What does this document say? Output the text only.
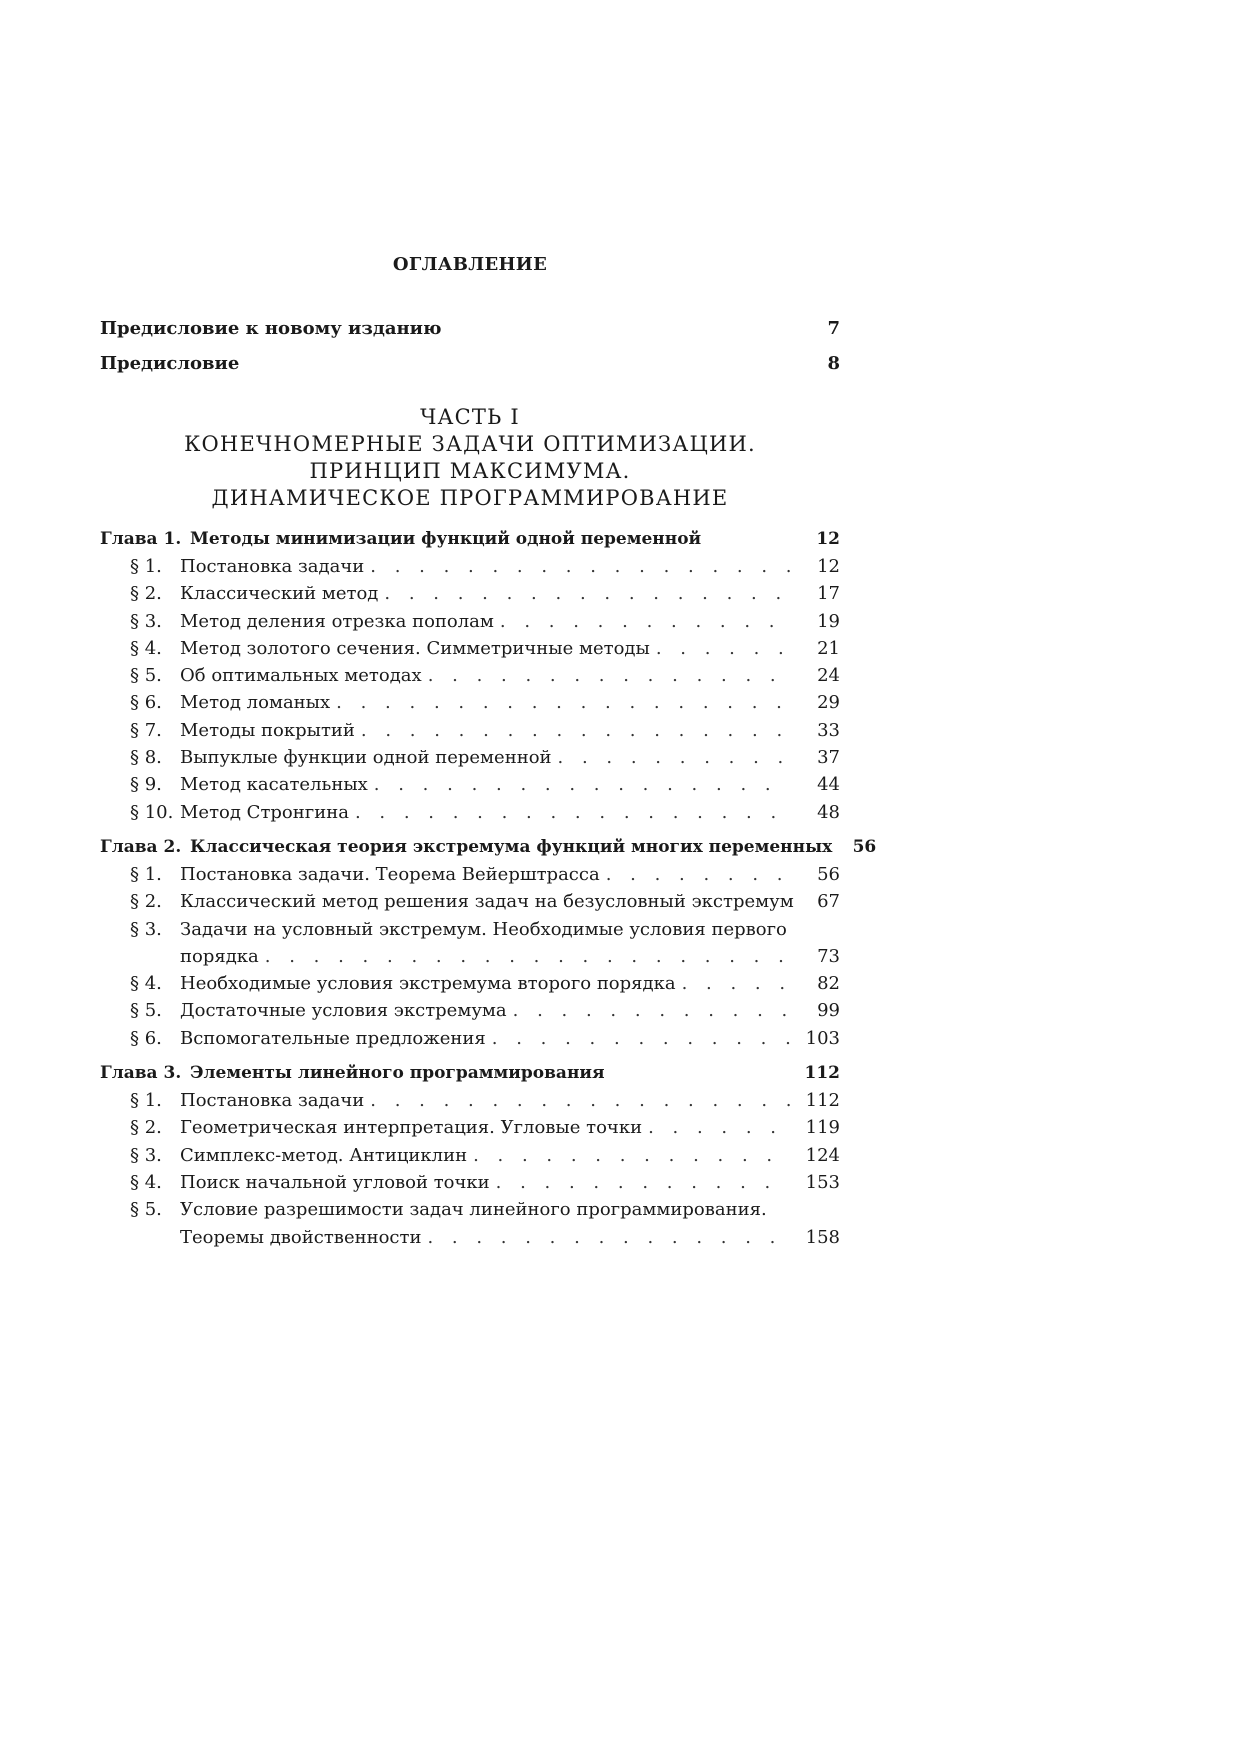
ОГЛАВЛЕНИЕ
Предисловие к новому изданию	7
Предисловие	8
ЧАСТЬ I
КОНЕЧНОМЕРНЫЕ ЗАДАЧИ ОПТИМИЗАЦИИ.
ПРИНЦИП МАКСИМУМА.
ДИНАМИЧЕСКОЕ ПРОГРАММИРОВАНИЕ
Глава 1. Методы минимизации функций одной переменной	12
§ 1.	Постановка задачи . . .	12
§ 2.	Классический метод . . .	17
§ 3.	Метод деления отрезка пополам . . .	19
§ 4.	Метод золотого сечения. Симметричные методы . . .	21
§ 5.	Об оптимальных методах . . .	24
§ 6.	Метод ломаных . . .	29
§ 7.	Методы покрытий . . .	33
§ 8.	Выпуклые функции одной переменной . . .	37
§ 9.	Метод касательных . . .	44
§ 10. Метод Стронгина . . .	48
Глава 2. Классическая теория экстремума функций многих переменных	56
§ 1.	Постановка задачи. Теорема Вейерштрасса . . .	56
§ 2.	Классический метод решения задач на безусловный экстремум	67
§ 3.	Задачи на условный экстремум. Необходимые условия первого
порядка . . .	73
§ 4.	Необходимые условия экстремума второго порядка . . .	82
§ 5.	Достаточные условия экстремума . . .	99
§ 6.	Вспомогательные предложения . . .	103
Глава 3. Элементы линейного программирования	112
§ 1.	Постановка задачи . . .	112
§ 2.	Геометрическая интерпретация. Угловые точки . . .	119
§ 3.	Симплекс-метод. Антициклин . . .	124
§ 4.	Поиск начальной угловой точки . . .	153
§ 5.	Условие разрешимости задач линейного программирования.
Теоремы двойственности . . .	158
